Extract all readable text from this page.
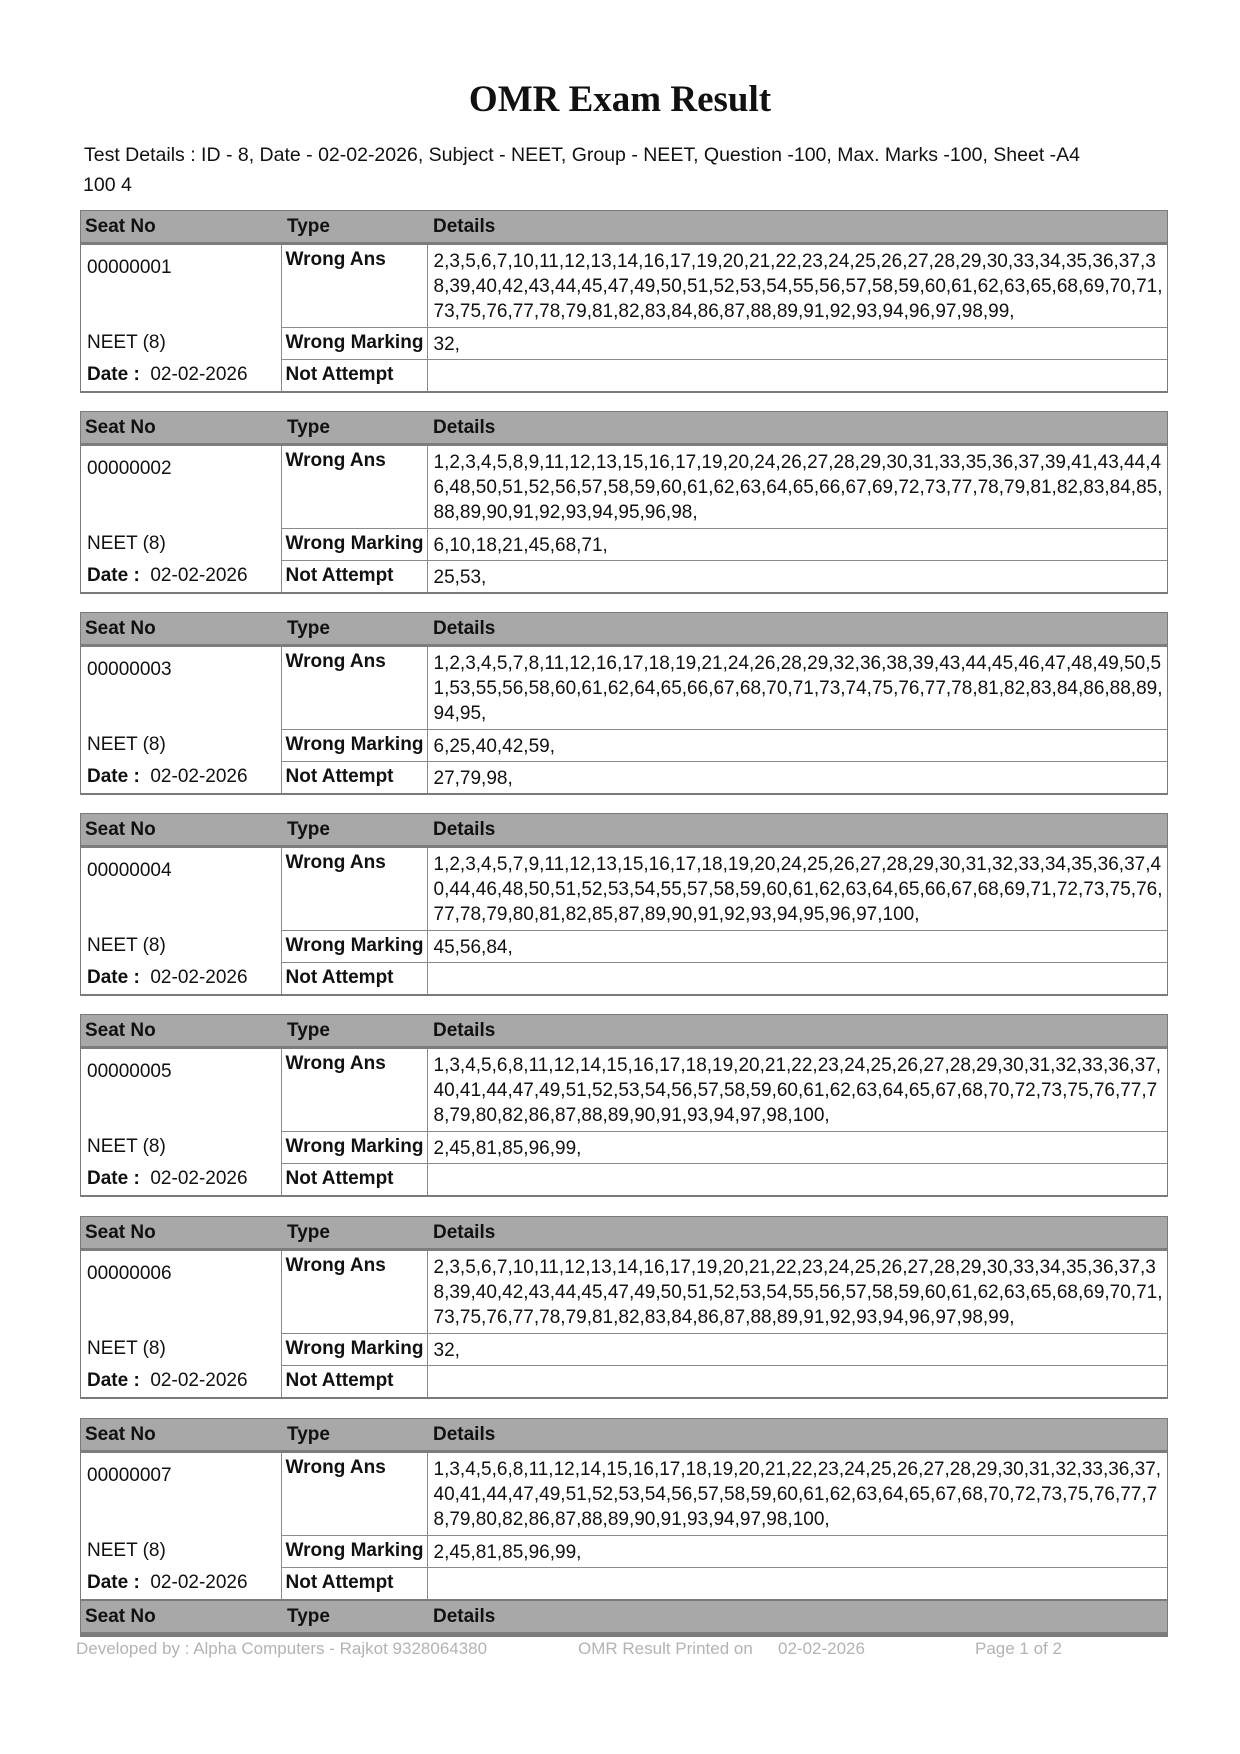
OMR Exam Result
Test Details : ID - 8, Date - 02-02-2026, Subject - NEET, Group - NEET, Question -100, Max. Marks -100, Sheet -A4
100 4
Seat No	Type	Details
00000001	Wrong Ans	2,3,5,6,7,10,11,12,13,14,16,17,19,20,21,22,23,24,25,26,27,28,29,30,33,34,35,36,37,38,39,40,42,43,44,45,47,49,50,51,52,53,54,55,56,57,58,59,60,61,62,63,65,68,69,70,71,73,75,76,77,78,79,81,82,83,84,86,87,88,89,91,92,93,94,96,97,98,99,
NEET (8)	Wrong Marking	32,
Date : 02-02-2026	Not Attempt	
Seat No	Type	Details
00000002	Wrong Ans	1,2,3,4,5,8,9,11,12,13,15,16,17,19,20,24,26,27,28,29,30,31,33,35,36,37,39,41,43,44,46,48,50,51,52,56,57,58,59,60,61,62,63,64,65,66,67,69,72,73,77,78,79,81,82,83,84,85,88,89,90,91,92,93,94,95,96,98,
NEET (8)	Wrong Marking	6,10,18,21,45,68,71,
Date : 02-02-2026	Not Attempt	25,53,
Seat No	Type	Details
00000003	Wrong Ans	1,2,3,4,5,7,8,11,12,16,17,18,19,21,24,26,28,29,32,36,38,39,43,44,45,46,47,48,49,50,51,53,55,56,58,60,61,62,64,65,66,67,68,70,71,73,74,75,76,77,78,81,82,83,84,86,88,89,94,95,
NEET (8)	Wrong Marking	6,25,40,42,59,
Date : 02-02-2026	Not Attempt	27,79,98,
Seat No	Type	Details
00000004	Wrong Ans	1,2,3,4,5,7,9,11,12,13,15,16,17,18,19,20,24,25,26,27,28,29,30,31,32,33,34,35,36,37,40,44,46,48,50,51,52,53,54,55,57,58,59,60,61,62,63,64,65,66,67,68,69,71,72,73,75,76,77,78,79,80,81,82,85,87,89,90,91,92,93,94,95,96,97,100,
NEET (8)	Wrong Marking	45,56,84,
Date : 02-02-2026	Not Attempt	
Seat No	Type	Details
00000005	Wrong Ans	1,3,4,5,6,8,11,12,14,15,16,17,18,19,20,21,22,23,24,25,26,27,28,29,30,31,32,33,36,37,40,41,44,47,49,51,52,53,54,56,57,58,59,60,61,62,63,64,65,67,68,70,72,73,75,76,77,78,79,80,82,86,87,88,89,90,91,93,94,97,98,100,
NEET (8)	Wrong Marking	2,45,81,85,96,99,
Date : 02-02-2026	Not Attempt	
Seat No	Type	Details
00000006	Wrong Ans	2,3,5,6,7,10,11,12,13,14,16,17,19,20,21,22,23,24,25,26,27,28,29,30,33,34,35,36,37,38,39,40,42,43,44,45,47,49,50,51,52,53,54,55,56,57,58,59,60,61,62,63,65,68,69,70,71,73,75,76,77,78,79,81,82,83,84,86,87,88,89,91,92,93,94,96,97,98,99,
NEET (8)	Wrong Marking	32,
Date : 02-02-2026	Not Attempt	
Seat No	Type	Details
00000007	Wrong Ans	1,3,4,5,6,8,11,12,14,15,16,17,18,19,20,21,22,23,24,25,26,27,28,29,30,31,32,33,36,37,40,41,44,47,49,51,52,53,54,56,57,58,59,60,61,62,63,64,65,67,68,70,72,73,75,76,77,78,79,80,82,86,87,88,89,90,91,93,94,97,98,100,
NEET (8)	Wrong Marking	2,45,81,85,96,99,
Date : 02-02-2026	Not Attempt	
Seat No	Type	Details
Developed by : Alpha Computers - Rajkot 9328064380	OMR Result Printed on 02-02-2026	Page 1 of 2
